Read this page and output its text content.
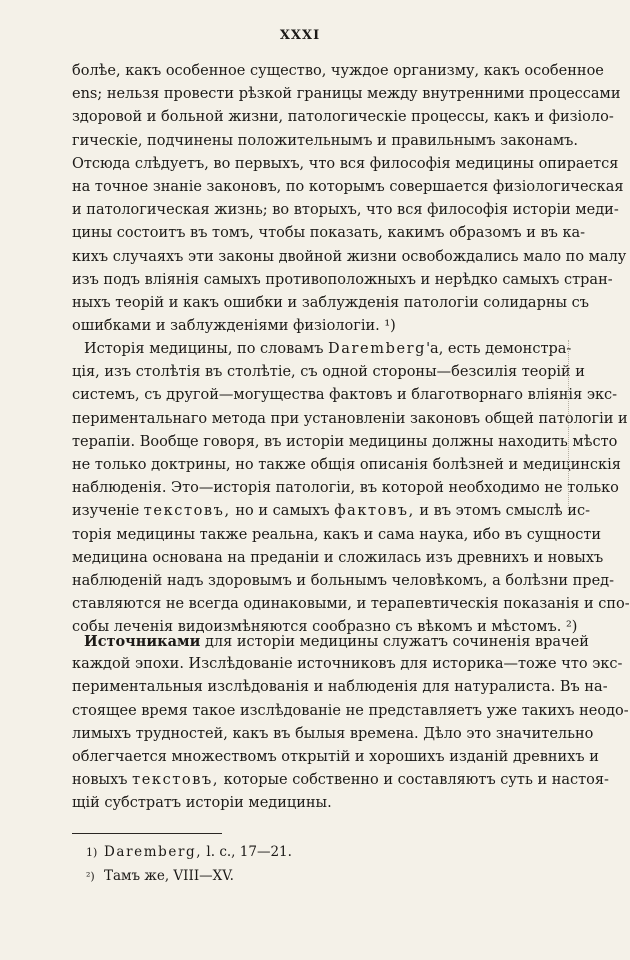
XXXI
болѣе, какъ особенное существо, чуждое организму, какъ особенное
ens; нельзя провести рѣзкой границы между внутренними процессами
здоровой и больной жизни, патологическіе процессы, какъ и физіоло-
гическіе, подчинены положительнымъ и правильнымъ законамъ.
Отсюда слѣдуетъ, во первыхъ, что вся философія медицины опирается
на точное знаніе законовъ, по которымъ совершается физіологическая
и патологическая жизнь; во вторыхъ, что вся философія исторіи меди-
цины состоитъ въ томъ, чтобы показать, какимъ образомъ и въ ка-
кихъ случаяхъ эти законы двойной жизни освобождались мало по малу
изъ подъ вліянія самыхъ противоположныхъ и нерѣдко самыхъ стран-
ныхъ теорій и какъ ошибки и заблужденія патологіи солидарны съ
ошибками и заблужденіями физіологіи. ¹)
Исторія медицины, по словамъ Daremberg'a, есть демонстра-
ція, изъ столѣтія въ столѣтіе, съ одной стороны—безсилія теорій и
системъ, съ другой—могущества фактовъ и благотворнаго вліянія экс-
периментальнаго метода при установленіи законовъ общей патологіи и
терапіи. Вообще говоря, въ исторіи медицины должны находить мѣсто
не только доктрины, но также общія описанія болѣзней и медицинскія
наблюденія. Это—исторія патологіи, въ которой необходимо не только
изученіе текстовъ, но и самыхъ фактовъ, и въ этомъ смыслѣ ис-
торія медицины также реальна, какъ и сама наука, ибо въ сущности
медицина основана на преданіи и сложилась изъ древнихъ и новыхъ
наблюденій надъ здоровымъ и больнымъ человѣкомъ, а болѣзни пред-
ставляются не всегда одинаковыми, и терапевтическія показанія и спо-
собы леченія видоизмѣняются сообразно съ вѣкомъ и мѣстомъ. ²)
Источниками для исторіи медицины служатъ сочиненія врачей
каждой эпохи. Изслѣдованіе источниковъ для историка—тоже что экс-
периментальныя изслѣдованія и наблюденія для натуралиста. Въ на-
стоящее время такое изслѣдованіе не представляетъ уже такихъ неодо-
лимыхъ трудностей, какъ въ былыя времена. Дѣло это значительно
облегчается множествомъ открытій и хорошихъ изданій древнихъ и
новыхъ текстовъ, которые собственно и составляютъ суть и настоя-
щій субстратъ исторіи медицины.
1) Daremberg, l. c., 17—21.
²) Тамъ же, VIII—XV.
